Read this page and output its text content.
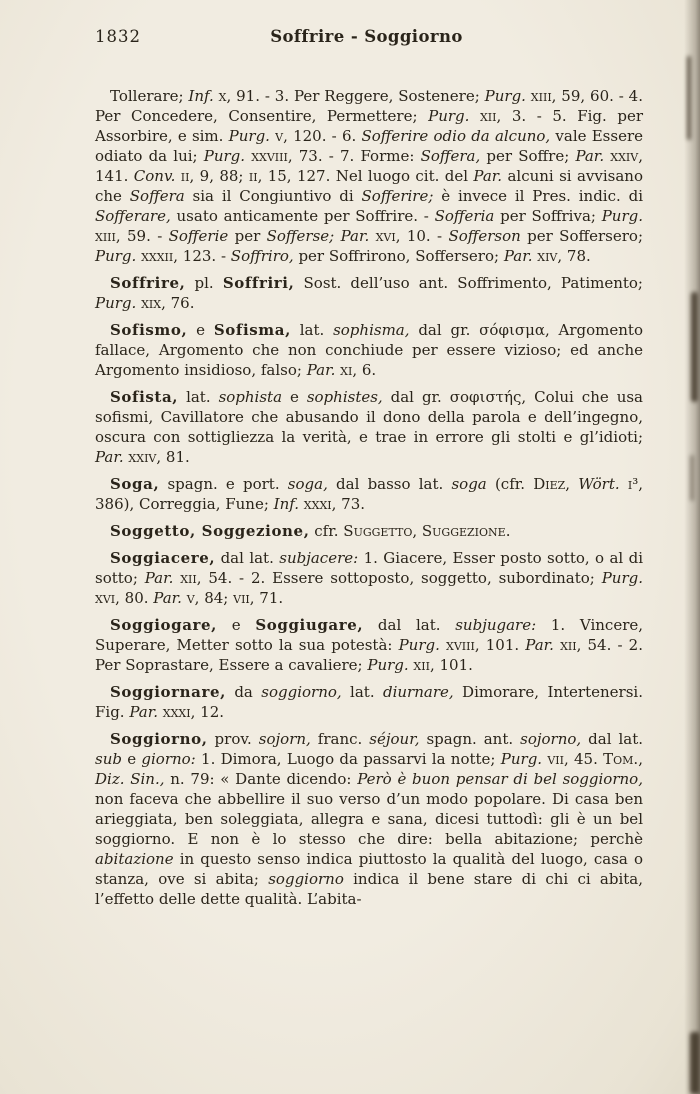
1832	Soffrire - Soggiorno

Tollerare; Inf. x, 91. - 3. Per Reggere, Sostenere; Purg. xiii, 59, 60. - 4. Per Concedere, Consentire, Permettere; Purg. xii, 3. - 5. Fig. per Assorbire, e sim. Purg. v, 120. - 6. Sofferire odio da alcuno, vale Essere odiato da lui; Purg. xxviii, 73. - 7. Forme: Soffera, per Soffre; Par. xxiv, 141. Conv. ii, 9, 88; ii, 15, 127. Nel luogo cit. del Par. alcuni si avvisano che Soffera sia il Congiuntivo di Sofferire; è invece il Pres. indic. di Sofferare, usato anticamente per Soffrire. - Sofferia per Soffriva; Purg. xiii, 59. - Sofferie per Sofferse; Par. xvi, 10. - Sofferson per Soffersero; Purg. xxxii, 123. - Soffriro, per Soffrirono, Soffersero; Par. xiv, 78.

Soffrire, pl. Soffriri, Sost. dell’uso ant. Soffrimento, Patimento; Purg. xix, 76.

Sofismo, e Sofisma, lat. sophisma, dal gr. σόφισμα, Argomento fallace, Argomento che non conchiude per essere vizioso; ed anche Argomento insidioso, falso; Par. xi, 6.

Sofista, lat. sophista e sophistes, dal gr. σοφιστής, Colui che usa sofismi, Cavillatore che abusando il dono della parola e dell’ingegno, oscura con sottigliezza la verità, e trae in errore gli stolti e gl’idioti; Par. xxiv, 81.

Soga, spagn. e port. soga, dal basso lat. soga (cfr. Diez, Wört. i³, 386), Correggia, Fune; Inf. xxxi, 73.

Soggetto, Soggezione, cfr. Suggetto, Suggezione.

Soggiacere, dal lat. subjacere: 1. Giacere, Esser posto sotto, o al di sotto; Par. xii, 54. - 2. Essere sottoposto, soggetto, subordinato; Purg. xvi, 80. Par. v, 84; vii, 71.

Soggiogare, e Soggiugare, dal lat. subjugare: 1. Vincere, Superare, Metter sotto la sua potestà: Purg. xviii, 101. Par. xii, 54. - 2. Per Soprastare, Essere a cavaliere; Purg. xii, 101.

Soggiornare, da soggiorno, lat. diurnare, Dimorare, Intertenersi. Fig. Par. xxxi, 12.

Soggiorno, prov. sojorn, franc. séjour, spagn. ant. sojorno, dal lat. sub e giorno: 1. Dimora, Luogo da passarvi la notte; Purg. vii, 45. Tom., Diz. Sin., n. 79: « Dante dicendo: Però è buon pensar di bel soggiorno, non faceva che abbellire il suo verso d’un modo popolare. Di casa ben arieggiata, ben soleggiata, allegra e sana, dicesi tuttodì: gli è un bel soggiorno. E non è lo stesso che dire: bella abitazione; perchè abitazione in questo senso indica piuttosto la qualità del luogo, casa o stanza, ove si abita; soggiorno indica il bene stare di chi ci abita, l’effetto delle dette qualità. L’abita-
